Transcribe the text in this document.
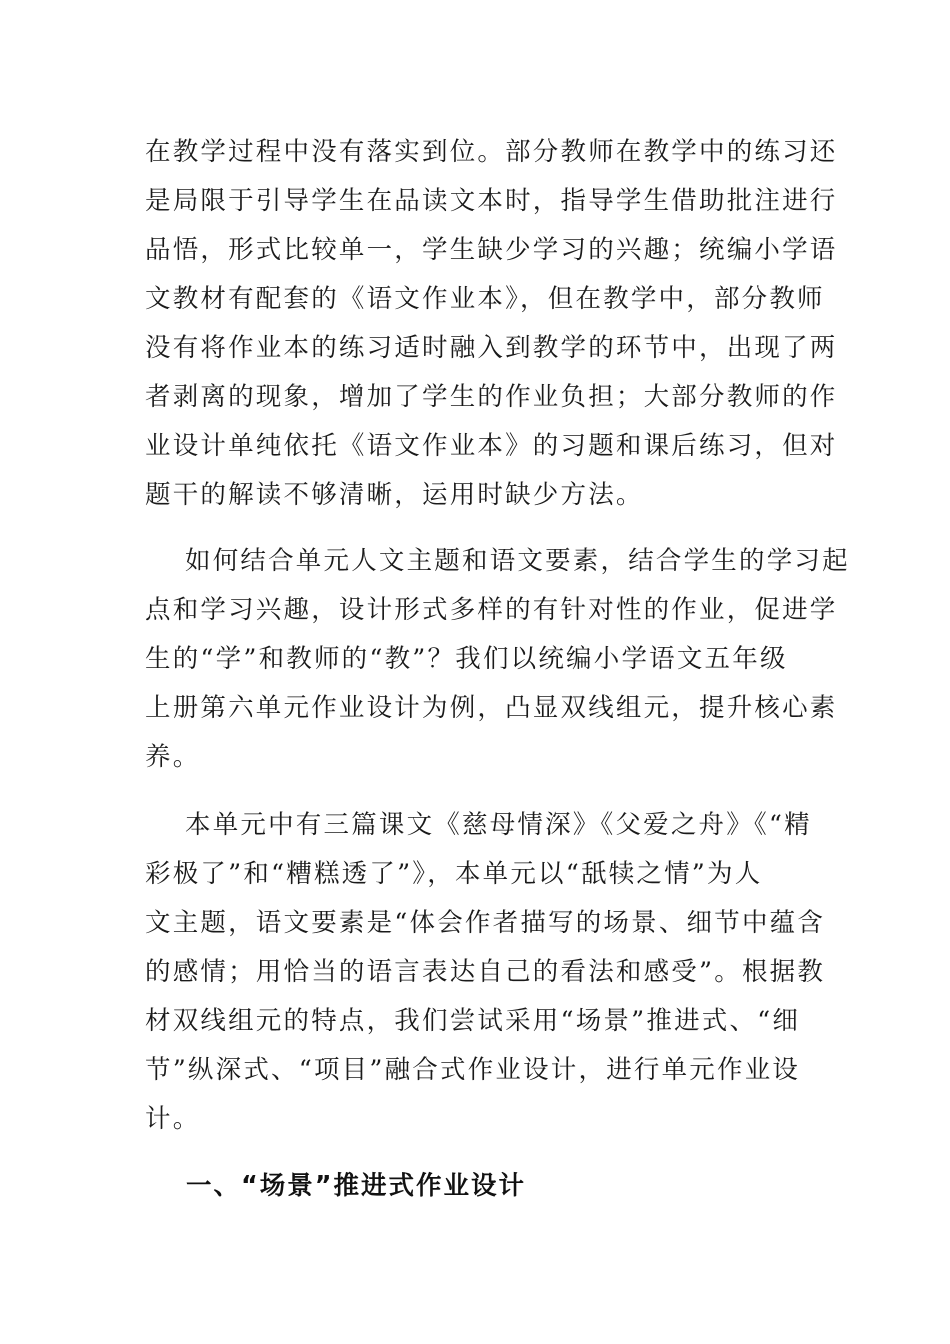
在教学过程中没有落实到位。部分教师在教学中的练习还
是局限于引导学生在品读文本时，指导学生借助批注进行
品悟，形式比较单一，学生缺少学习的兴趣；统编小学语
文教材有配套的《语文作业本》，但在教学中，部分教师
没有将作业本的练习适时融入到教学的环节中，出现了两
者剥离的现象，增加了学生的作业负担；大部分教师的作
业设计单纯依托《语文作业本》的习题和课后练习，但对
题干的解读不够清晰，运用时缺少方法。
如何结合单元人文主题和语文要素，结合学生的学习起
点和学习兴趣，设计形式多样的有针对性的作业，促进学
生的“学”和教师的“教”？我们以统编小学语文五年级
上册第六单元作业设计为例，凸显双线组元，提升核心素
养。
本单元中有三篇课文《慈母情深》《父爱之舟》《“精
彩极了”和“糟糕透了”》，本单元以“舐犊之情”为人
文主题，语文要素是“体会作者描写的场景、细节中蕴含
的感情；用恰当的语言表达自己的看法和感受”。根据教
材双线组元的特点，我们尝试采用“场景”推进式、“细
节”纵深式、“项目”融合式作业设计，进行单元作业设
计。
一、“场景”推进式作业设计
